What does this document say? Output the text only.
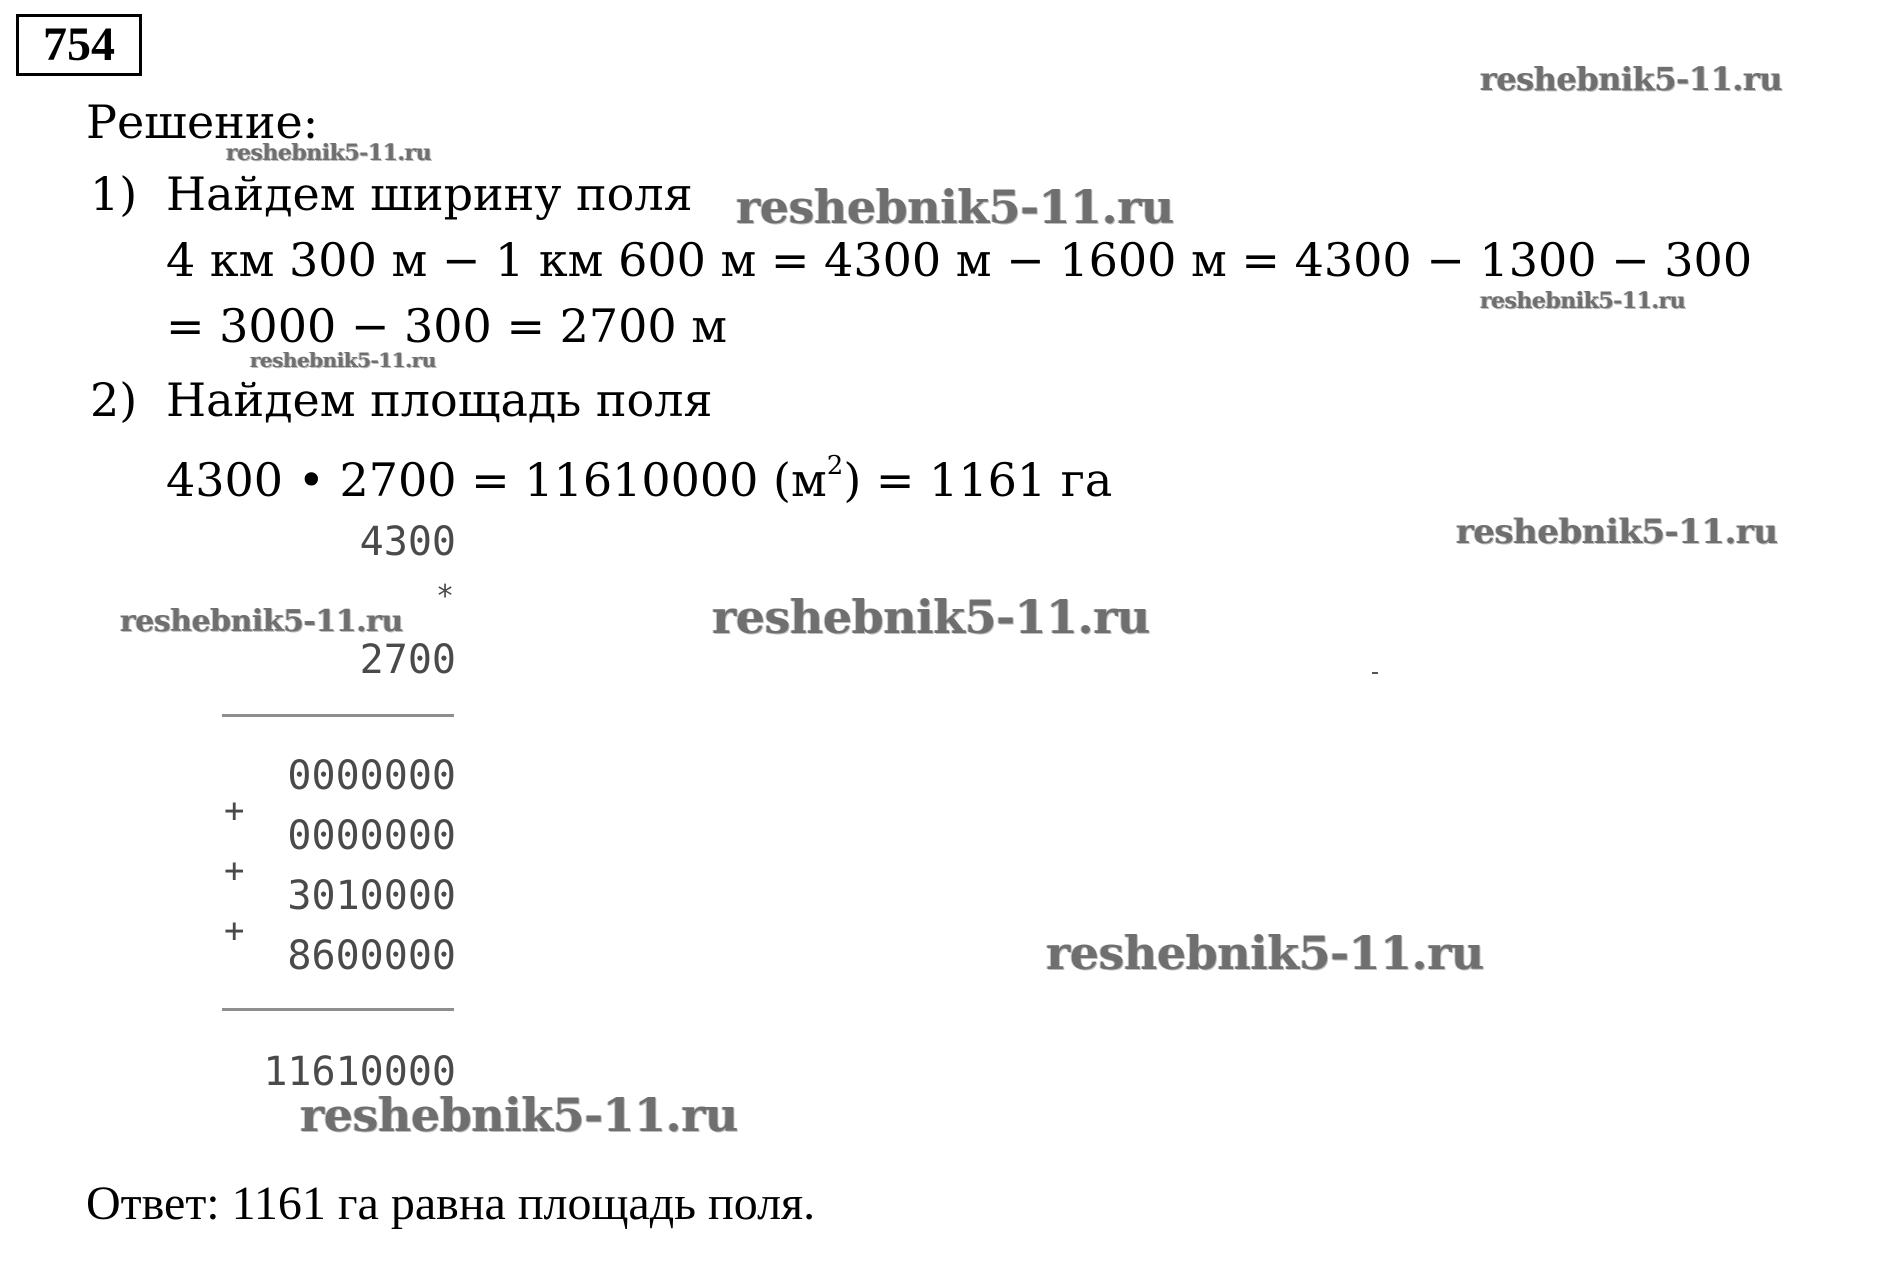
754
Решение:
1) Найдем ширину поля
4 км 300 м − 1 км 600 м = 4300 м − 1600 м = 4300 − 1300 − 300
= 3000 − 300 = 2700 м
2) Найдем площадь поля
4300 • 2700 = 11610000 $(м^2) = 1161$ га
4300
*
2700
0000000
+
0000000
+
3010000
+
8600000
11610000
Ответ: 1161 га равна площадь поля.
reshebnik5-11.ru
reshebnik5-11.ru
reshebnik5-11.ru
reshebnik5-11.ru
reshebnik5-11.ru
reshebnik5-11.ru
reshebnik5-11.ru	reshebnik5-11.ru
reshebnik5-11.ru
reshebnik5-11.ru
